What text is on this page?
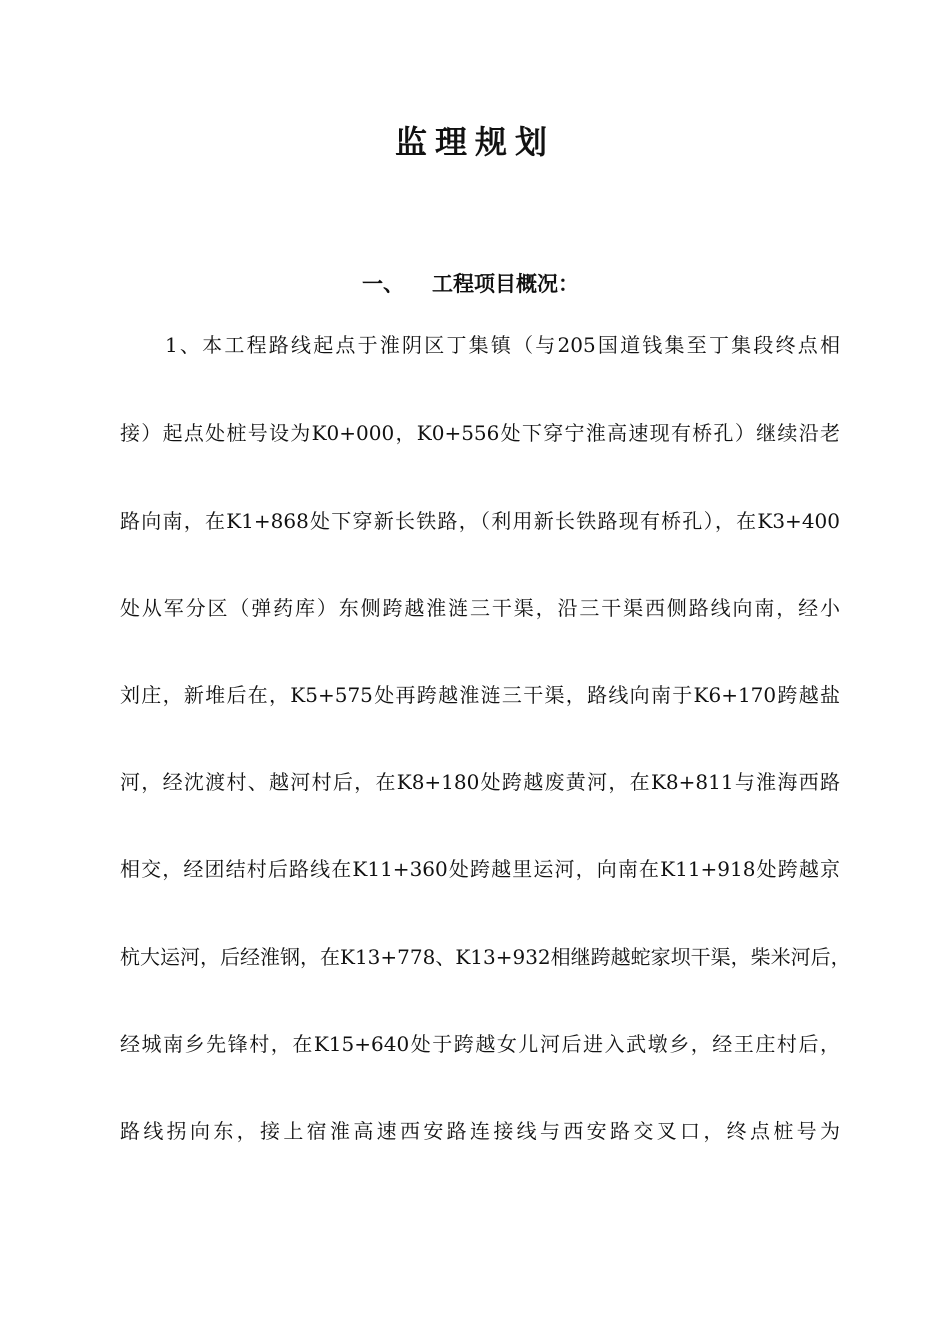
监理规划
一、 工程项目概况：
1、本工程路线起点于淮阴区丁集镇（与205国道钱集至丁集段终点相
接）起点处桩号设为K0+000，K0+556处下穿宁淮高速现有桥孔）继续沿老
路向南，在K1+868处下穿新长铁路，（利用新长铁路现有桥孔），在K3+400
处从军分区（弹药库）东侧跨越淮涟三干渠，沿三干渠西侧路线向南，经小
刘庄，新堆后在，K5+575处再跨越淮涟三干渠，路线向南于K6+170跨越盐
河，经沈渡村、越河村后，在K8+180处跨越废黄河，在K8+811与淮海西路
相交，经团结村后路线在K11+360处跨越里运河，向南在K11+918处跨越京
杭大运河，后经淮钢，在K13+778、K13+932相继跨越蛇家坝干渠，柴米河后，
经城南乡先锋村，在K15+640处于跨越女儿河后进入武墩乡，经王庄村后，
路线拐向东，接上宿淮高速西安路连接线与西安路交叉口，终点桩号为
